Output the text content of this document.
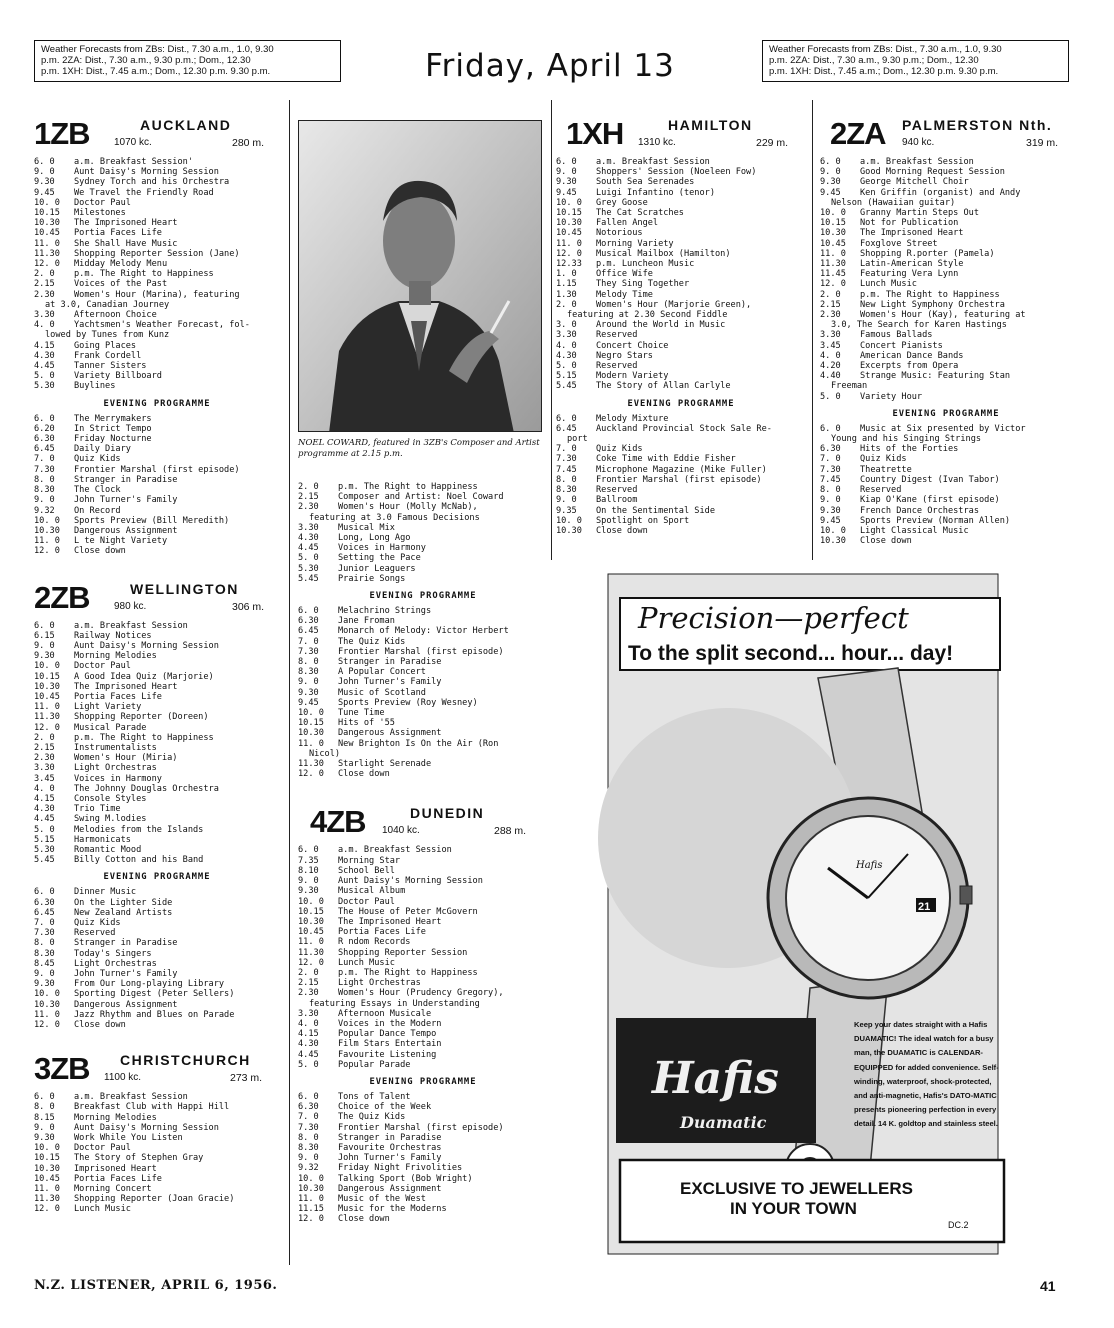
Weather Forecasts from ZBs: Dist., 7.30 a.m., 1.0, 9.30
p.m. 2ZA: Dist., 7.30 a.m., 9.30 p.m.; Dom., 12.30
p.m. 1XH: Dist., 7.45 a.m.; Dom., 12.30 p.m. 9.30 p.m.	Friday, April 13	Weather Forecasts from ZBs: Dist., 7.30 a.m., 1.0, 9.30
p.m. 2ZA: Dist., 7.30 a.m., 9.30 p.m.; Dom., 12.30
p.m. 1XH: Dist., 7.45 a.m.; Dom., 12.30 p.m. 9.30 p.m.
1ZB	AUCKLAND
1070 kc.	280 m.
6. 0 a.m. Breakfast Session'
9. 0 Aunt Daisy's Morning Session
9.30 Sydney Torch and his Orchestra
9.45 We Travel the Friendly Road
10. 0 Doctor Paul
10.15 Milestones
10.30 The Imprisoned Heart
10.45 Portia Faces Life
11. 0 She Shall Have Music
11.30 Shopping Reporter Session (Jane)
12. 0 Midday Melody Menu
2. 0 p.m. The Right to Happiness
2.15 Voices of the Past
2.30 Women's Hour (Marina), featuring
at 3.0, Canadian Journey
3.30 Afternoon Choice
4. 0 Yachtsmen's Weather Forecast, fol-
lowed by Tunes from Kunz
4.15 Going Places
4.30 Frank Cordell
4.45 Tanner Sisters
5. 0 Variety Billboard
5.30 Buylines
EVENING PROGRAMME
6. 0 The Merrymakers
6.20 In Strict Tempo
6.30 Friday Nocturne
6.45 Daily Diary
7. 0 Quiz Kids
7.30 Frontier Marshal (first episode)
8. 0 Stranger in Paradise
8.30 The Clock
9. 0 John Turner's Family
9.32 On Record
10. 0 Sports Preview (Bill Meredith)
10.30 Dangerous Assignment
11. 0 L te Night Variety
12. 0 Close down
2ZB	WELLINGTON
980 kc.	306 m.
6. 0 a.m. Breakfast Session
6.15 Railway Notices
9. 0 Aunt Daisy's Morning Session
9.30 Morning Melodies
10. 0 Doctor Paul
10.15 A Good Idea Quiz (Marjorie)
10.30 The Imprisoned Heart
10.45 Portia Faces Life
11. 0 Light Variety
11.30 Shopping Reporter (Doreen)
12. 0 Musical Parade
2. 0 p.m. The Right to Happiness
2.15 Instrumentalists
2.30 Women's Hour (Miria)
3.30 Light Orchestras
3.45 Voices in Harmony
4. 0 The Johnny Douglas Orchestra
4.15 Console Styles
4.30 Trio Time
4.45 Swing M.lodies
5. 0 Melodies from the Islands
5.15 Harmonicats
5.30 Romantic Mood
5.45 Billy Cotton and his Band
EVENING PROGRAMME
6. 0 Dinner Music
6.30 On the Lighter Side
6.45 New Zealand Artists
7. 0 Quiz Kids
7.30 Reserved
8. 0 Stranger in Paradise
8.30 Today's Singers
8.45 Light Orchestras
9. 0 John Turner's Family
9.30 From Our Long-playing Library
10. 0 Sporting Digest (Peter Sellers)
10.30 Dangerous Assignment
11. 0 Jazz Rhythm and Blues on Parade
12. 0 Close down
3ZB CHRISTCHURCH
1100 kc.	273 m.
6. 0 a.m. Breakfast Session
8. 0 Breakfast Club with Happi Hill
8.15 Morning Melodies
9. 0 Aunt Daisy's Morning Session
9.30 Work While You Listen
10. 0 Doctor Paul
10.15 The Story of Stephen Gray
10.30 Imprisoned Heart
10.45 Portia Faces Life
11. 0 Morning Concert
11.30 Shopping Reporter (Joan Gracie)
12. 0 Lunch Music
NOEL COWARD, featured in 3ZB's Composer and Artist programme at 2.15 p.m.
2. 0 p.m. The Right to Happiness
2.15 Composer and Artist: Noel Coward
2.30 Women's Hour (Molly McNab),
featuring at 3.0 Famous Decisions
3.30 Musical Mix
4.30 Long, Long Ago
4.45 Voices in Harmony
5. 0 Setting the Pace
5.30 Junior Leaguers
5.45 Prairie Songs
EVENING PROGRAMME
6. 0 Melachrino Strings
6.30 Jane Froman
6.45 Monarch of Melody: Victor Herbert
7. 0 The Quiz Kids
7.30 Frontier Marshal (first episode)
8. 0 Stranger in Paradise
8.30 A Popular Concert
9. 0 John Turner's Family
9.30 Music of Scotland
9.45 Sports Preview (Roy Wesney)
10. 0 Tune Time
10.15 Hits of '55
10.30 Dangerous Assignment
11. 0 New Brighton Is On the Air (Ron
Nicol)
11.30 Starlight Serenade
12. 0 Close down
4ZB	DUNEDIN
1040 kc.	288 m.
6. 0 a.m. Breakfast Session
7.35 Morning Star
8.10 School Bell
9. 0 Aunt Daisy's Morning Session
9.30 Musical Album
10. 0 Doctor Paul
10.15 The House of Peter McGovern
10.30 The Imprisoned Heart
10.45 Portia Faces Life
11. 0 R ndom Records
11.30 Shopping Reporter Session
12. 0 Lunch Music
2. 0 p.m. The Right to Happiness
2.15 Light Orchestras
2.30 Women's Hour (Prudency Gregory),
featuring Essays in Understanding
3.30 Afternoon Musicale
4. 0 Voices in the Modern
4.15 Popular Dance Tempo
4.30 Film Stars Entertain
4.45 Favourite Listening
5. 0 Popular Parade
EVENING PROGRAMME
6. 0 Tons of Talent
6.30 Choice of the Week
7. 0 The Quiz Kids
7.30 Frontier Marshal (first episode)
8. 0 Stranger in Paradise
8.30 Favourite Orchestras
9. 0 John Turner's Family
9.32 Friday Night Frivolities
10. 0 Talking Sport (Bob Wright)
10.30 Dangerous Assignment
11. 0 Music of the West
11.15 Music for the Moderns
12. 0 Close down
1XH	HAMILTON
1310 kc.	229 m.
6. 0 a.m. Breakfast Session
9. 0 Shoppers' Session (Noeleen Fow)
9.30 South Sea Serenades
9.45 Luigi Infantino (tenor)
10. 0 Grey Goose
10.15 The Cat Scratches
10.30 Fallen Angel
10.45 Notorious
11. 0 Morning Variety
12. 0 Musical Mailbox (Hamilton)
12.33 p.m. Luncheon Music
1. 0 Office Wife
1.15 They Sing Together
1.30 Melody Time
2. 0 Women's Hour (Marjorie Green),
featuring at 2.30 Second Fiddle
3. 0 Around the World in Music
3.30 Reserved
4. 0 Concert Choice
4.30 Negro Stars
5. 0 Reserved
5.15 Modern Variety
5.45 The Story of Allan Carlyle
EVENING PROGRAMME
6. 0 Melody Mixture
6.45 Auckland Provincial Stock Sale Re-
port
7. 0 Quiz Kids
7.30 Coke Time with Eddie Fisher
7.45 Microphone Magazine (Mike Fuller)
8. 0 Frontier Marshal (first episode)
8.30 Reserved
9. 0 Ballroom
9.35 On the Sentimental Side
10. 0 Spotlight on Sport
10.30 Close down
2ZA PALMERSTON Nth.
940 kc.	319 m.
6. 0 a.m. Breakfast Session
9. 0 Good Morning Request Session
9.30 George Mitchell Choir
9.45 Ken Griffin (organist) and Andy
Nelson (Hawaiian guitar)
10. 0 Granny Martin Steps Out
10.15 Not for Publication
10.30 The Imprisoned Heart
10.45 Foxglove Street
11. 0 Shopping R.porter (Pamela)
11.30 Latin-American Style
11.45 Featuring Vera Lynn
12. 0 Lunch Music
2. 0 p.m. The Right to Happiness
2.15 New Light Symphony Orchestra
2.30 Women's Hour (Kay), featuring at
3.0, The Search for Karen Hastings
3.30 Famous Ballads
3.45 Concert Pianists
4. 0 American Dance Bands
4.20 Excerpts from Opera
4.40 Strange Music: Featuring Stan
Freeman
5. 0 Variety Hour
EVENING PROGRAMME
6. 0 Music at Six presented by Victor
Young and his Singing Strings
6.30 Hits of the Forties
7. 0 Quiz Kids
7.30 Theatrette
7.45 Country Digest (Ivan Tabor)
8. 0 Reserved
9. 0 Kiap O'Kane (first episode)
9.30 French Dance Orchestras
9.45 Sports Preview (Norman Allen)
10. 0 Light Classical Music
10.30 Close down
Precision—perfect
To the split second... hour... day!
Hafis
21
Hafis
Duamatic
EXCLUSIVE TO JEWELLERS
IN YOUR TOWN
DC.2
Keep your dates straight with a Hafis DUAMATIC! The ideal watch for a busy man, the DUAMATIC is CALENDAR-EQUIPPED for added convenience. Self-winding, waterproof, shock-protected, and anti-magnetic, Hafis's DATO-MATIC presents pioneering perfection in every detail. 14 K. goldtop and stainless steel.
N.Z. LISTENER, APRIL 6, 1956.	41
